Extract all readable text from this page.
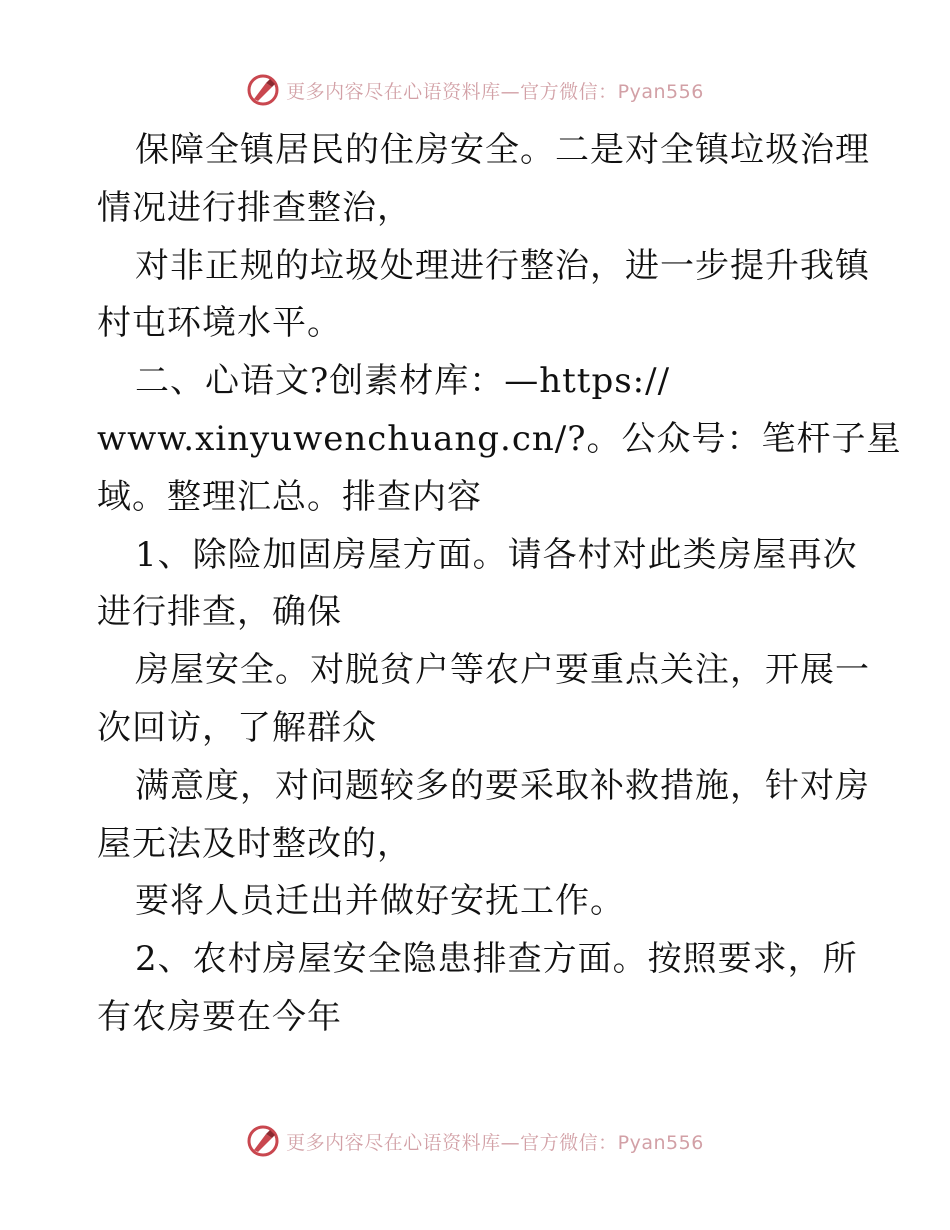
更多内容尽在心语资料库—官方微信：Pyan556
保障全镇居民的住房安全。二是对全镇垃圾治理
情况进行排查整治，
对非正规的垃圾处理进行整治，进一步提升我镇
村屯环境水平。
二、心语文?创素材库：—https://
www.xinyuwenchuang.cn/?。公众号：笔杆子星
域。整理汇总。排查内容
1、除险加固房屋方面。请各村对此类房屋再次
进行排查，确保
房屋安全。对脱贫户等农户要重点关注，开展一
次回访，了解群众
满意度，对问题较多的要采取补救措施，针对房
屋无法及时整改的，
要将人员迁出并做好安抚工作。
2、农村房屋安全隐患排查方面。按照要求，所
有农房要在今年
更多内容尽在心语资料库—官方微信：Pyan556
